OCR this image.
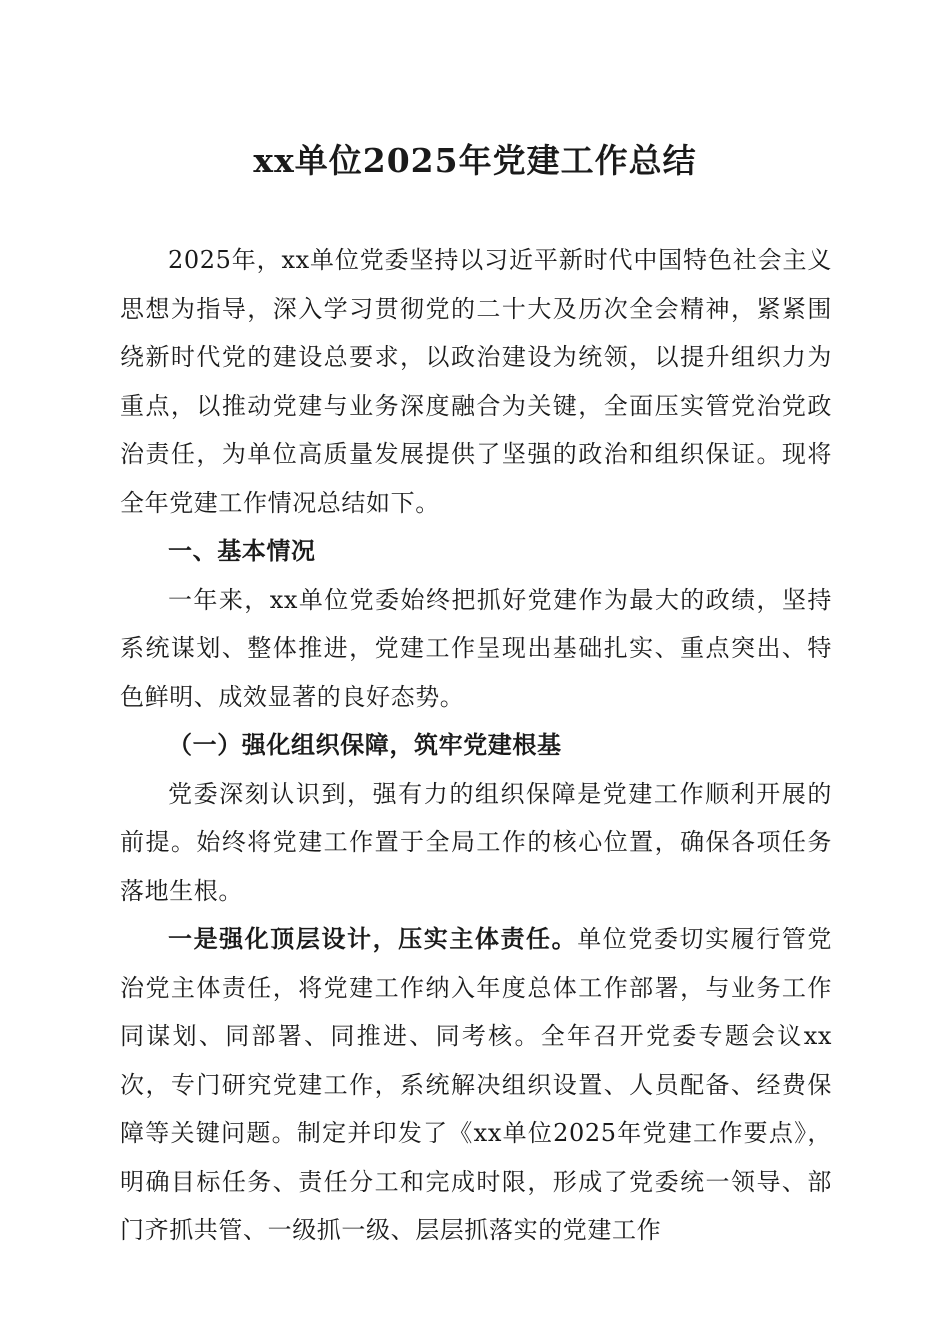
xx单位2025年党建工作总结

2025年，xx单位党委坚持以习近平新时代中国特色社会主义思想为指导，深入学习贯彻党的二十大及历次全会精神，紧紧围绕新时代党的建设总要求，以政治建设为统领，以提升组织力为重点，以推动党建与业务深度融合为关键，全面压实管党治党政治责任，为单位高质量发展提供了坚强的政治和组织保证。现将全年党建工作情况总结如下。

一、基本情况

一年来，xx单位党委始终把抓好党建作为最大的政绩，坚持系统谋划、整体推进，党建工作呈现出基础扎实、重点突出、特色鲜明、成效显著的良好态势。

（一）强化组织保障，筑牢党建根基

党委深刻认识到，强有力的组织保障是党建工作顺利开展的前提。始终将党建工作置于全局工作的核心位置，确保各项任务落地生根。

一是强化顶层设计，压实主体责任。单位党委切实履行管党治党主体责任，将党建工作纳入年度总体工作部署，与业务工作同谋划、同部署、同推进、同考核。全年召开党委专题会议xx次，专门研究党建工作，系统解决组织设置、人员配备、经费保障等关键问题。制定并印发了《xx单位2025年党建工作要点》，明确目标任务、责任分工和完成时限，形成了党委统一领导、部门齐抓共管、一级抓一级、层层抓落实的党建工作
